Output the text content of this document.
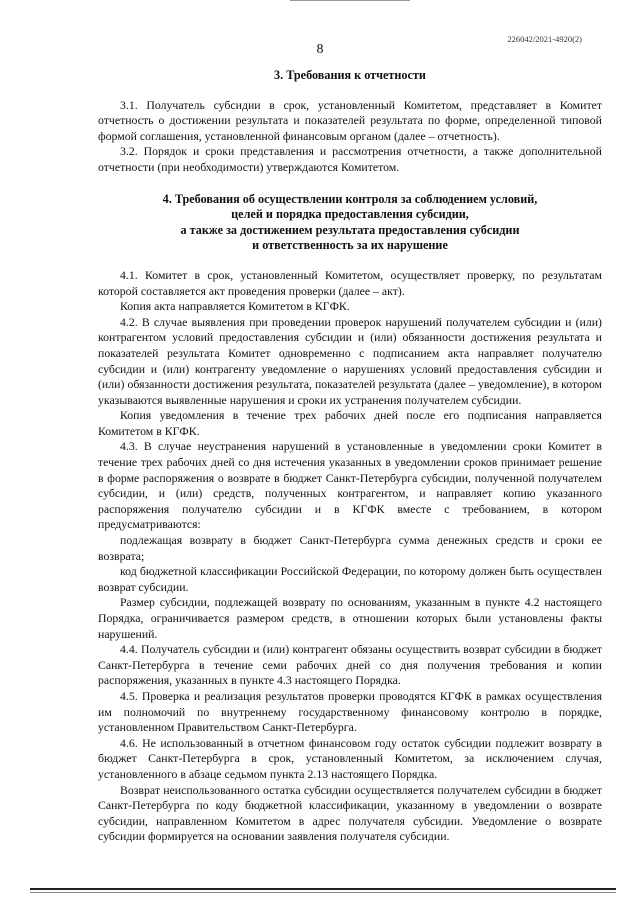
226042/2021-4920(2)
8
3. Требования к отчетности

3.1. Получатель субсидии в срок, установленный Комитетом, представляет в Комитет отчетность о достижении результата и показателей результата по форме, определенной типовой формой соглашения, установленной финансовым органом (далее – отчетность).

3.2. Порядок и сроки представления и рассмотрения отчетности, а также дополнительной отчетности (при необходимости) утверждаются Комитетом.

4. Требования об осуществлении контроля за соблюдением условий,
целей и порядка предоставления субсидии,
а также за достижением результата предоставления субсидии
и ответственность за их нарушение

4.1. Комитет в срок, установленный Комитетом, осуществляет проверку, по результатам которой составляется акт проведения проверки (далее – акт).

Копия акта направляется Комитетом в КГФК.

4.2. В случае выявления при проведении проверок нарушений получателем субсидии и (или) контрагентом условий предоставления субсидии и (или) обязанности достижения результата и показателей результата Комитет одновременно с подписанием акта направляет получателю субсидии и (или) контрагенту уведомление о нарушениях условий предоставления субсидии и (или) обязанности достижения результата, показателей результата (далее – уведомление), в котором указываются выявленные нарушения и сроки их устранения получателем субсидии.

Копия уведомления в течение трех рабочих дней после его подписания направляется Комитетом в КГФК.

4.3. В случае неустранения нарушений в установленные в уведомлении сроки Комитет в течение трех рабочих дней со дня истечения указанных в уведомлении сроков принимает решение в форме распоряжения о возврате в бюджет Санкт-Петербурга субсидии, полученной получателем субсидии, и (или) средств, полученных контрагентом, и направляет копию указанного распоряжения получателю субсидии и в КГФК вместе с требованием, в котором предусматриваются:

подлежащая возврату в бюджет Санкт-Петербурга сумма денежных средств и сроки ее возврата;

код бюджетной классификации Российской Федерации, по которому должен быть осуществлен возврат субсидии.

Размер субсидии, подлежащей возврату по основаниям, указанным в пункте 4.2 настоящего Порядка, ограничивается размером средств, в отношении которых были установлены факты нарушений.

4.4. Получатель субсидии и (или) контрагент обязаны осуществить возврат субсидии в бюджет Санкт-Петербурга в течение семи рабочих дней со дня получения требования и копии распоряжения, указанных в пункте 4.3 настоящего Порядка.

4.5. Проверка и реализация результатов проверки проводятся КГФК в рамках осуществления им полномочий по внутреннему государственному финансовому контролю в порядке, установленном Правительством Санкт-Петербурга.

4.6. Не использованный в отчетном финансовом году остаток субсидии подлежит возврату в бюджет Санкт-Петербурга в срок, установленный Комитетом, за исключением случая, установленного в абзаце седьмом пункта 2.13 настоящего Порядка.

Возврат неиспользованного остатка субсидии осуществляется получателем субсидии в бюджет Санкт-Петербурга по коду бюджетной классификации, указанному в уведомлении о возврате субсидии, направленном Комитетом в адрес получателя субсидии. Уведомление о возврате субсидии формируется на основании заявления получателя субсидии.
